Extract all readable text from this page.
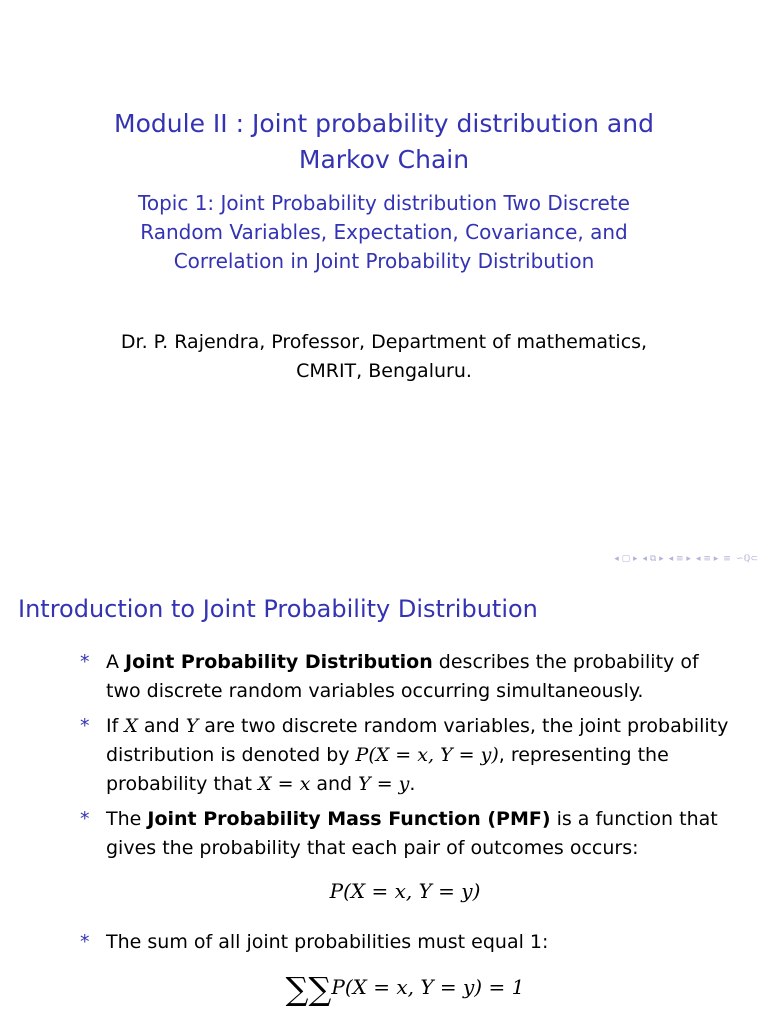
Module II : Joint probability distribution and
Markov Chain
Topic 1: Joint Probability distribution Two Discrete
Random Variables, Expectation, Covariance, and
Correlation in Joint Probability Distribution
Dr. P. Rajendra, Professor, Department of mathematics,
CMRIT, Bengaluru.
◂ ▢ ▸ ◂ ⧉ ▸ ◂ ≡ ▸ ◂ ≡ ▸ ≡ ∽ℚ⊂
Introduction to Joint Probability Distribution
* A Joint Probability Distribution describes the probability of two discrete random variables occurring simultaneously.
* If X and Y are two discrete random variables, the joint probability distribution is denoted by P(X = x, Y = y), representing the probability that X = x and Y = y.
* The Joint Probability Mass Function (PMF) is a function that gives the probability that each pair of outcomes occurs:
P(X = x, Y = y)
* The sum of all joint probabilities must equal 1:
∑∑P(X = x, Y = y) = 1
